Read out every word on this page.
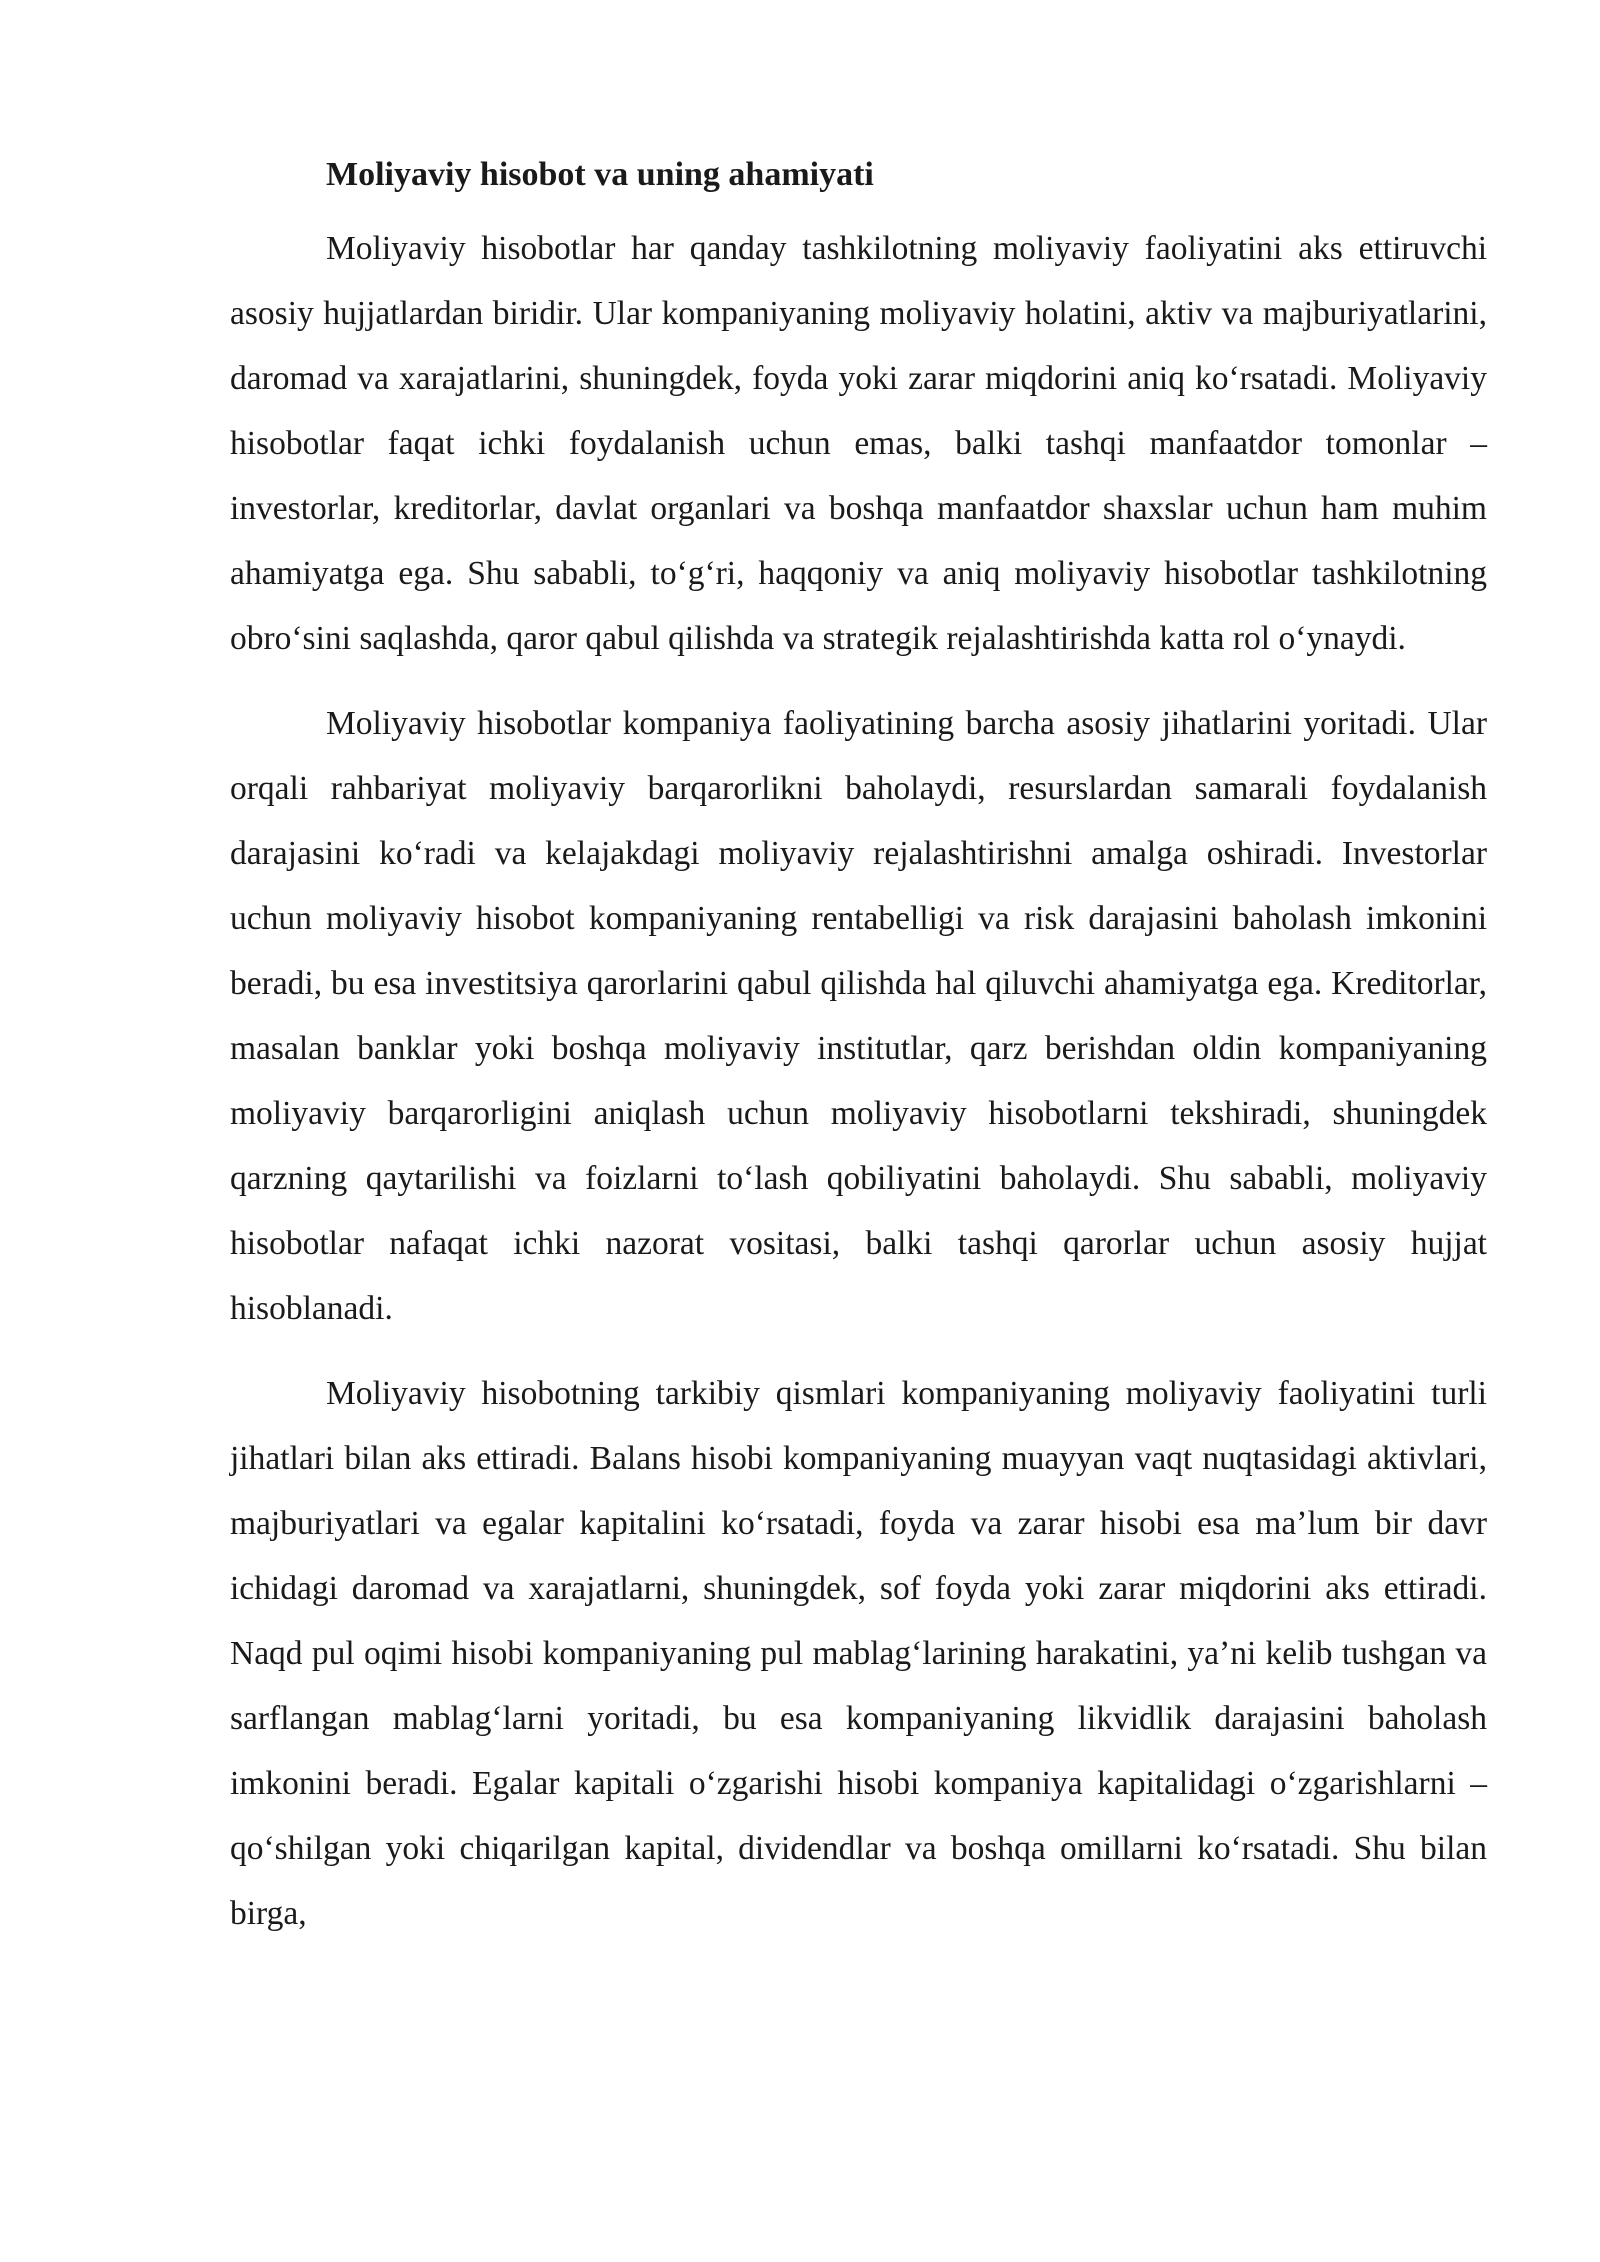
Moliyaviy hisobot va uning ahamiyati

Moliyaviy hisobotlar har qanday tashkilotning moliyaviy faoliyatini aks ettiruvchi asosiy hujjatlardan biridir. Ular kompaniyaning moliyaviy holatini, aktiv va majburiyatlarini, daromad va xarajatlarini, shuningdek, foyda yoki zarar miqdorini aniq koʻrsatadi. Moliyaviy hisobotlar faqat ichki foydalanish uchun emas, balki tashqi manfaatdor tomonlar – investorlar, kreditorlar, davlat organlari va boshqa manfaatdor shaxslar uchun ham muhim ahamiyatga ega. Shu sababli, toʻgʻri, haqqoniy va aniq moliyaviy hisobotlar tashkilotning obroʻsini saqlashda, qaror qabul qilishda va strategik rejalashtirishda katta rol oʻynaydi.

Moliyaviy hisobotlar kompaniya faoliyatining barcha asosiy jihatlarini yoritadi. Ular orqali rahbariyat moliyaviy barqarorlikni baholaydi, resurslardan samarali foydalanish darajasini koʻradi va kelajakdagi moliyaviy rejalashtirishni amalga oshiradi. Investorlar uchun moliyaviy hisobot kompaniyaning rentabelligi va risk darajasini baholash imkonini beradi, bu esa investitsiya qarorlarini qabul qilishda hal qiluvchi ahamiyatga ega. Kreditorlar, masalan banklar yoki boshqa moliyaviy institutlar, qarz berishdan oldin kompaniyaning moliyaviy barqarorligini aniqlash uchun moliyaviy hisobotlarni tekshiradi, shuningdek qarzning qaytarilishi va foizlarni toʻlash qobiliyatini baholaydi. Shu sababli, moliyaviy hisobotlar nafaqat ichki nazorat vositasi, balki tashqi qarorlar uchun asosiy hujjat hisoblanadi.

Moliyaviy hisobotning tarkibiy qismlari kompaniyaning moliyaviy faoliyatini turli jihatlari bilan aks ettiradi. Balans hisobi kompaniyaning muayyan vaqt nuqtasidagi aktivlari, majburiyatlari va egalar kapitalini koʻrsatadi, foyda va zarar hisobi esa maʼlum bir davr ichidagi daromad va xarajatlarni, shuningdek, sof foyda yoki zarar miqdorini aks ettiradi. Naqd pul oqimi hisobi kompaniyaning pul mablagʻlarining harakatini, yaʼni kelib tushgan va sarflangan mablagʻlarni yoritadi, bu esa kompaniyaning likvidlik darajasini baholash imkonini beradi. Egalar kapitali oʻzgarishi hisobi kompaniya kapitalidagi oʻzgarishlarni – qoʻshilgan yoki chiqarilgan kapital, dividendlar va boshqa omillarni koʻrsatadi. Shu bilan birga,
